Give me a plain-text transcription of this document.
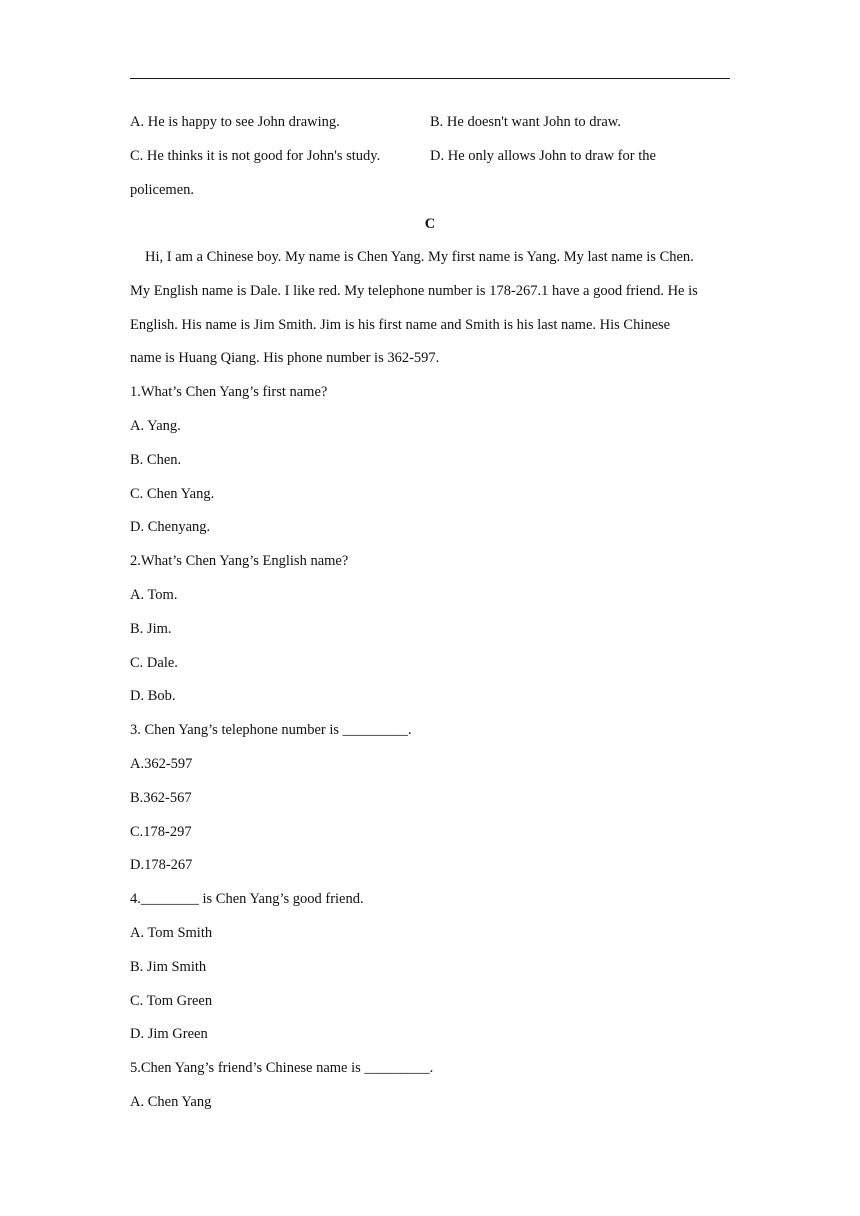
A. He is happy to see John drawing.	B. He doesn't want John to draw.
C. He thinks it is not good for John's study.	D. He only allows John to draw for the
policemen.
C
Hi, I am a Chinese boy. My name is Chen Yang. My first name is Yang. My last name is Chen.
My English name is Dale. I like red. My telephone number is 178-267.1 have a good friend. He is
English. His name is Jim Smith. Jim is his first name and Smith is his last name. His Chinese
name is Huang Qiang. His phone number is 362-597.
1.What’s Chen Yang’s first name?
A. Yang.
B. Chen.
C. Chen Yang.
D. Chenyang.
2.What’s Chen Yang’s English name?
A. Tom.
B. Jim.
C. Dale.
D. Bob.
3. Chen Yang’s telephone number is _________.
A.362-597
B.362-567
C.178-297
D.178-267
4.________ is Chen Yang’s good friend.
A. Tom Smith
B. Jim Smith
C. Tom Green
D. Jim Green
5.Chen Yang’s friend’s Chinese name is _________.
A. Chen Yang
